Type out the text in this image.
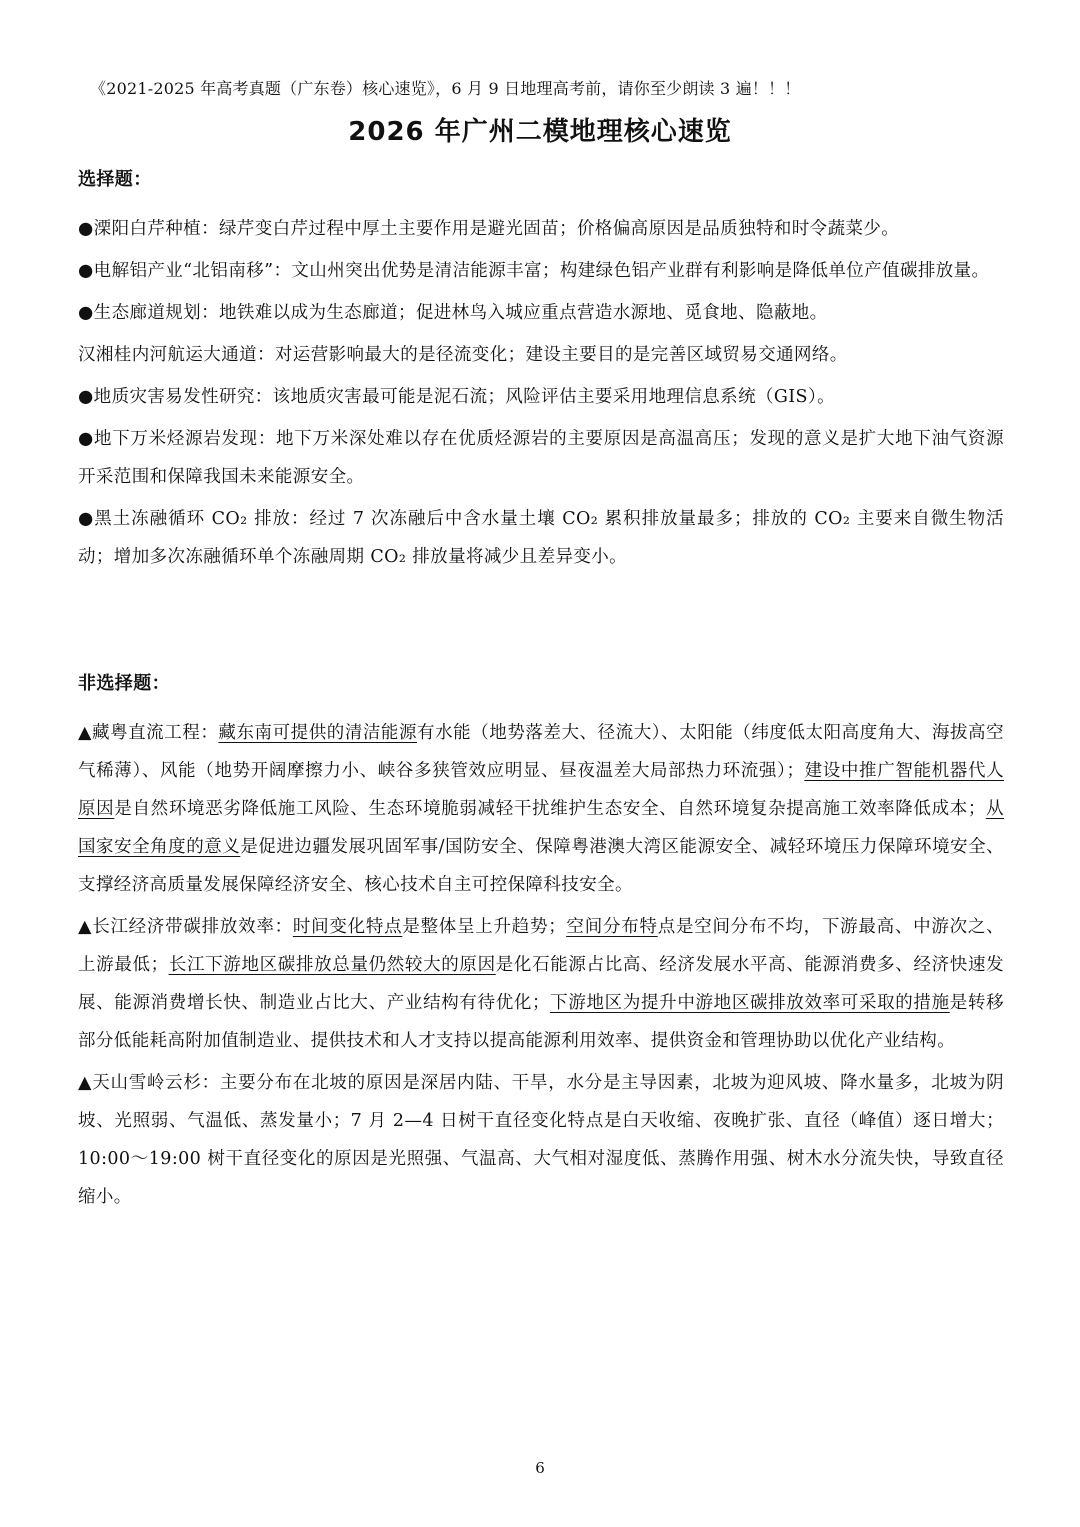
《2021-2025 年高考真题（广东卷）核心速览》，6 月 9 日地理高考前，请你至少朗读 3 遍！！！
2026 年广州二模地理核心速览
选择题：

●溧阳白芹种植：绿芹变白芹过程中厚土主要作用是避光固苗；价格偏高原因是品质独特和时令蔬菜少。

●电解铝产业“北铝南移”：文山州突出优势是清洁能源丰富；构建绿色铝产业群有利影响是降低单位产值碳排放量。

●生态廊道规划：地铁难以成为生态廊道；促进林鸟入城应重点营造水源地、觅食地、隐蔽地。

汉湘桂内河航运大通道：对运营影响最大的是径流变化；建设主要目的是完善区域贸易交通网络。

●地质灾害易发性研究：该地质灾害最可能是泥石流；风险评估主要采用地理信息系统（GIS）。

●地下万米烃源岩发现：地下万米深处难以存在优质烃源岩的主要原因是高温高压；发现的意义是扩大地下油气资源开采范围和保障我国未来能源安全。

●黑土冻融循环 CO₂ 排放：经过 7 次冻融后中含水量土壤 CO₂ 累积排放量最多；排放的 CO₂ 主要来自微生物活动；增加多次冻融循环单个冻融周期 CO₂ 排放量将减少且差异变小。

非选择题：

▲藏粤直流工程：藏东南可提供的清洁能源有水能（地势落差大、径流大）、太阳能（纬度低太阳高度角大、海拔高空气稀薄）、风能（地势开阔摩擦力小、峡谷多狭管效应明显、昼夜温差大局部热力环流强）；建设中推广智能机器代人原因是自然环境恶劣降低施工风险、生态环境脆弱减轻干扰维护生态安全、自然环境复杂提高施工效率降低成本；从国家安全角度的意义是促进边疆发展巩固军事/国防安全、保障粤港澳大湾区能源安全、减轻环境压力保障环境安全、支撑经济高质量发展保障经济安全、核心技术自主可控保障科技安全。

▲长江经济带碳排放效率：时间变化特点是整体呈上升趋势；空间分布特点是空间分布不均，下游最高、中游次之、上游最低；长江下游地区碳排放总量仍然较大的原因是化石能源占比高、经济发展水平高、能源消费多、经济快速发展、能源消费增长快、制造业占比大、产业结构有待优化；下游地区为提升中游地区碳排放效率可采取的措施是转移部分低能耗高附加值制造业、提供技术和人才支持以提高能源利用效率、提供资金和管理协助以优化产业结构。

▲天山雪岭云杉：主要分布在北坡的原因是深居内陆、干旱，水分是主导因素，北坡为迎风坡、降水量多，北坡为阴坡、光照弱、气温低、蒸发量小；7 月 2—4 日树干直径变化特点是白天收缩、夜晚扩张、直径（峰值）逐日增大；10:00～19:00 树干直径变化的原因是光照强、气温高、大气相对湿度低、蒸腾作用强、树木水分流失快，导致直径缩小。

6
